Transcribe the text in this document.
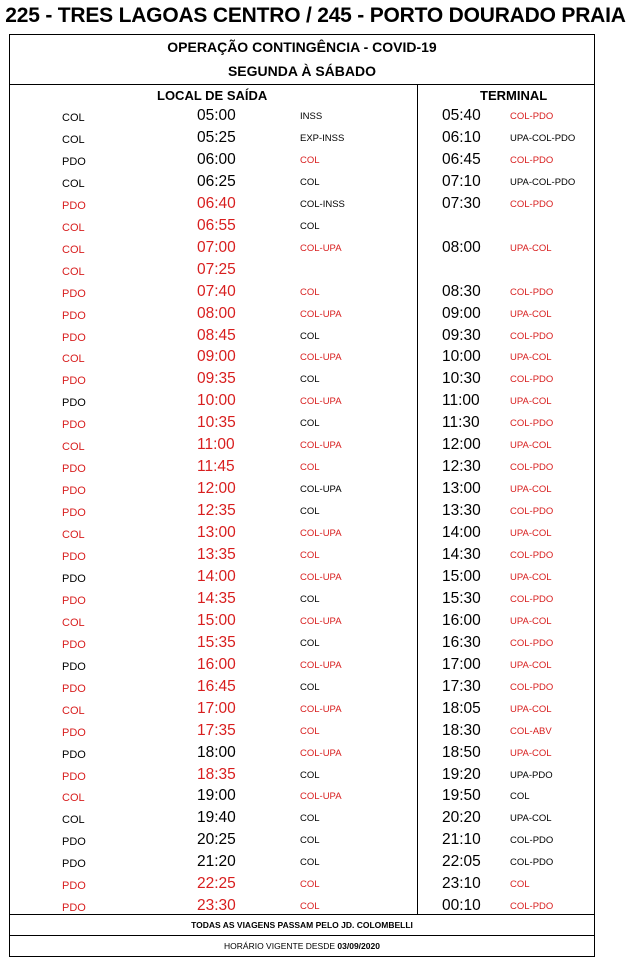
225 - TRES LAGOAS CENTRO / 245 - PORTO DOURADO PRAIA
OPERAÇÃO CONTINGÊNCIA - COVID-19
SEGUNDA À SÁBADO
LOCAL DE SAÍDA	TERMINAL
COL	05:00	INSS	05:40	COL-PDO
COL	05:25	EXP-INSS	06:10	UPA-COL-PDO
PDO	06:00	COL	06:45	COL-PDO
COL	06:25	COL	07:10	UPA-COL-PDO
PDO	06:40	COL-INSS	07:30	COL-PDO
COL	06:55	COL
COL	07:00	COL-UPA	08:00	UPA-COL
COL	07:25
PDO	07:40	COL	08:30	COL-PDO
PDO	08:00	COL-UPA	09:00	UPA-COL
PDO	08:45	COL	09:30	COL-PDO
COL	09:00	COL-UPA	10:00	UPA-COL
PDO	09:35	COL	10:30	COL-PDO
PDO	10:00	COL-UPA	11:00	UPA-COL
PDO	10:35	COL	11:30	COL-PDO
COL	11:00	COL-UPA	12:00	UPA-COL
PDO	11:45	COL	12:30	COL-PDO
PDO	12:00	COL-UPA	13:00	UPA-COL
PDO	12:35	COL	13:30	COL-PDO
COL	13:00	COL-UPA	14:00	UPA-COL
PDO	13:35	COL	14:30	COL-PDO
PDO	14:00	COL-UPA	15:00	UPA-COL
PDO	14:35	COL	15:30	COL-PDO
COL	15:00	COL-UPA	16:00	UPA-COL
PDO	15:35	COL	16:30	COL-PDO
PDO	16:00	COL-UPA	17:00	UPA-COL
PDO	16:45	COL	17:30	COL-PDO
COL	17:00	COL-UPA	18:05	UPA-COL
PDO	17:35	COL	18:30	COL-ABV
PDO	18:00	COL-UPA	18:50	UPA-COL
PDO	18:35	COL	19:20	UPA-PDO
COL	19:00	COL-UPA	19:50	COL
COL	19:40	COL	20:20	UPA-COL
PDO	20:25	COL	21:10	COL-PDO
PDO	21:20	COL	22:05	COL-PDO
PDO	22:25	COL	23:10	COL
PDO	23:30	COL	00:10	COL-PDO
TODAS AS VIAGENS PASSAM PELO JD. COLOMBELLI
HORÁRIO VIGENTE DESDE 03/09/2020
